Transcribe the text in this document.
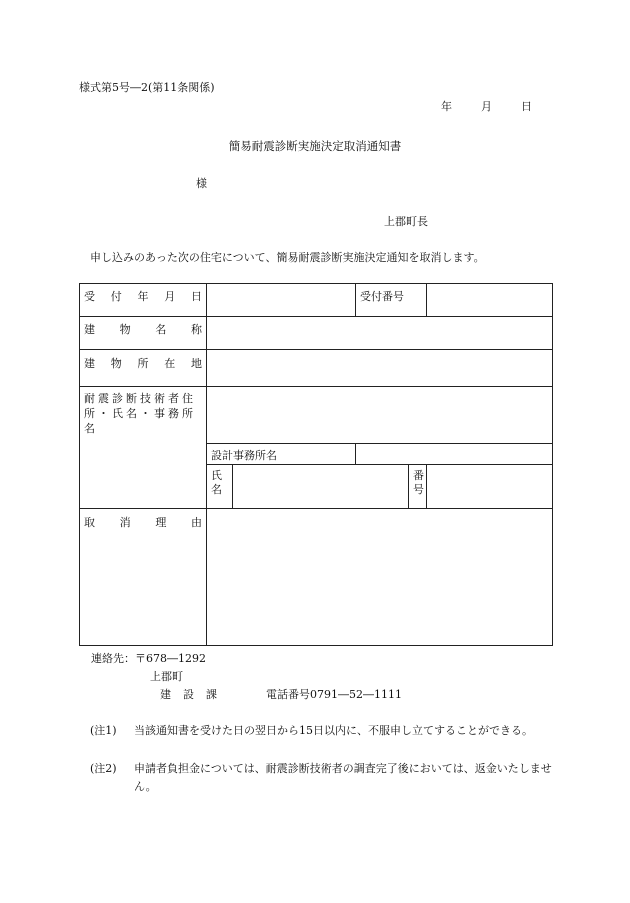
様式第5号―2(第11条関係)
年	月	日
簡易耐震診断実施決定取消通知書
様
上郡町長
申し込みのあった次の住宅について、簡易耐震診断実施決定通知を取消します。
受 付 年 月 日			受付番号		

建 物 名 称					

建 物 所 在 地					

耐震診断技術者住所・氏名・事務所名					
	設計事務所名				
	氏名			番号	

取 消 理 由					

連絡先：〒678―1292
上郡町
建設課	電話番号0791―52―1111
(注1)	当該通知書を受けた日の翌日から15日以内に、不服申し立てすることができる。
(注2)	申請者負担金については、耐震診断技術者の調査完了後においては、返金いたしません。
